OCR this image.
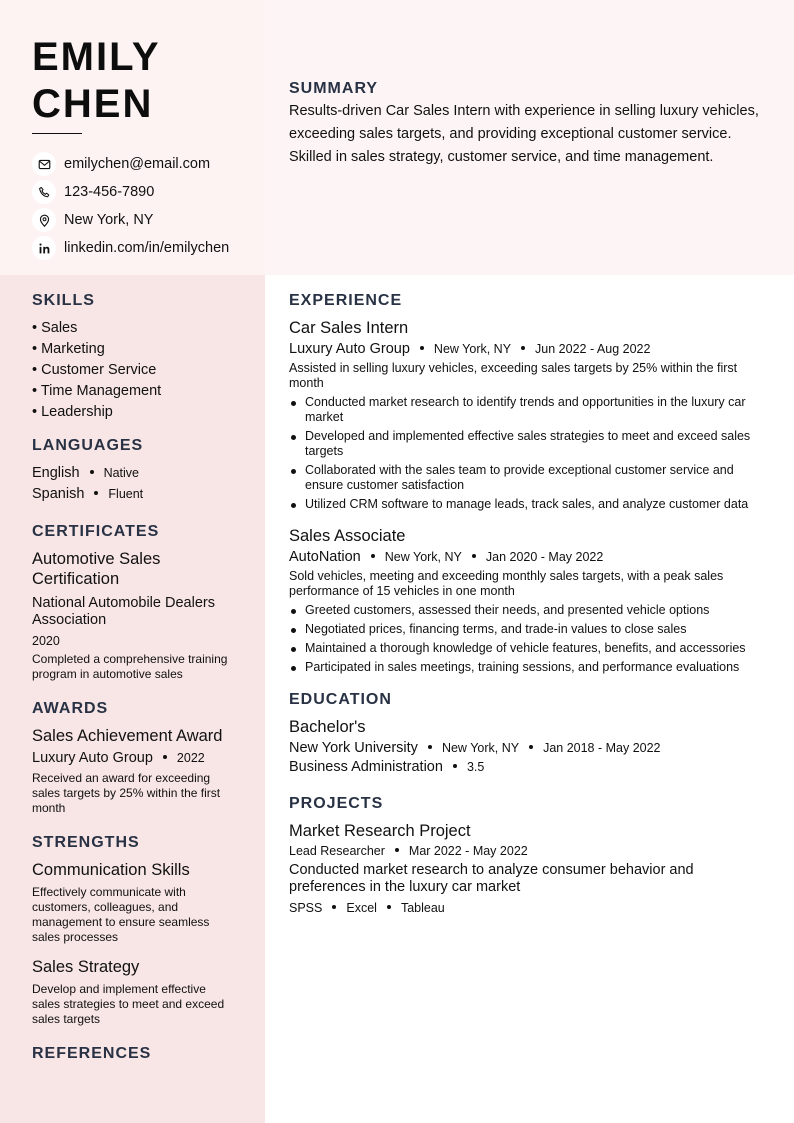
EMILY
CHEN
emilychen@email.com
123-456-7890
New York, NY
linkedin.com/in/emilychen
SUMMARY
Results-driven Car Sales Intern with experience in selling luxury vehicles, exceeding sales targets, and providing exceptional customer service. Skilled in sales strategy, customer service, and time management.
SKILLS
• Sales
• Marketing
• Customer Service
• Time Management
• Leadership
LANGUAGES
English Native
Spanish Fluent
CERTIFICATES
Automotive Sales Certification
National Automobile Dealers Association
2020
Completed a comprehensive training program in automotive sales
AWARDS
Sales Achievement Award
Luxury Auto Group 2022
Received an award for exceeding sales targets by 25% within the first month
STRENGTHS
Communication Skills
Effectively communicate with customers, colleagues, and management to ensure seamless sales processes
Sales Strategy
Develop and implement effective sales strategies to meet and exceed sales targets
REFERENCES
EXPERIENCE
Car Sales Intern
Luxury Auto Group New York, NY Jun 2022 - Aug 2022
Assisted in selling luxury vehicles, exceeding sales targets by 25% within the first month
Conducted market research to identify trends and opportunities in the luxury car market
Developed and implemented effective sales strategies to meet and exceed sales targets
Collaborated with the sales team to provide exceptional customer service and ensure customer satisfaction
Utilized CRM software to manage leads, track sales, and analyze customer data
Sales Associate
AutoNation New York, NY Jan 2020 - May 2022
Sold vehicles, meeting and exceeding monthly sales targets, with a peak sales performance of 15 vehicles in one month
Greeted customers, assessed their needs, and presented vehicle options
Negotiated prices, financing terms, and trade-in values to close sales
Maintained a thorough knowledge of vehicle features, benefits, and accessories
Participated in sales meetings, training sessions, and performance evaluations
EDUCATION
Bachelor's
New York University New York, NY Jan 2018 - May 2022
Business Administration 3.5
PROJECTS
Market Research Project
Lead Researcher Mar 2022 - May 2022
Conducted market research to analyze consumer behavior and preferences in the luxury car market
SPSS Excel Tableau
